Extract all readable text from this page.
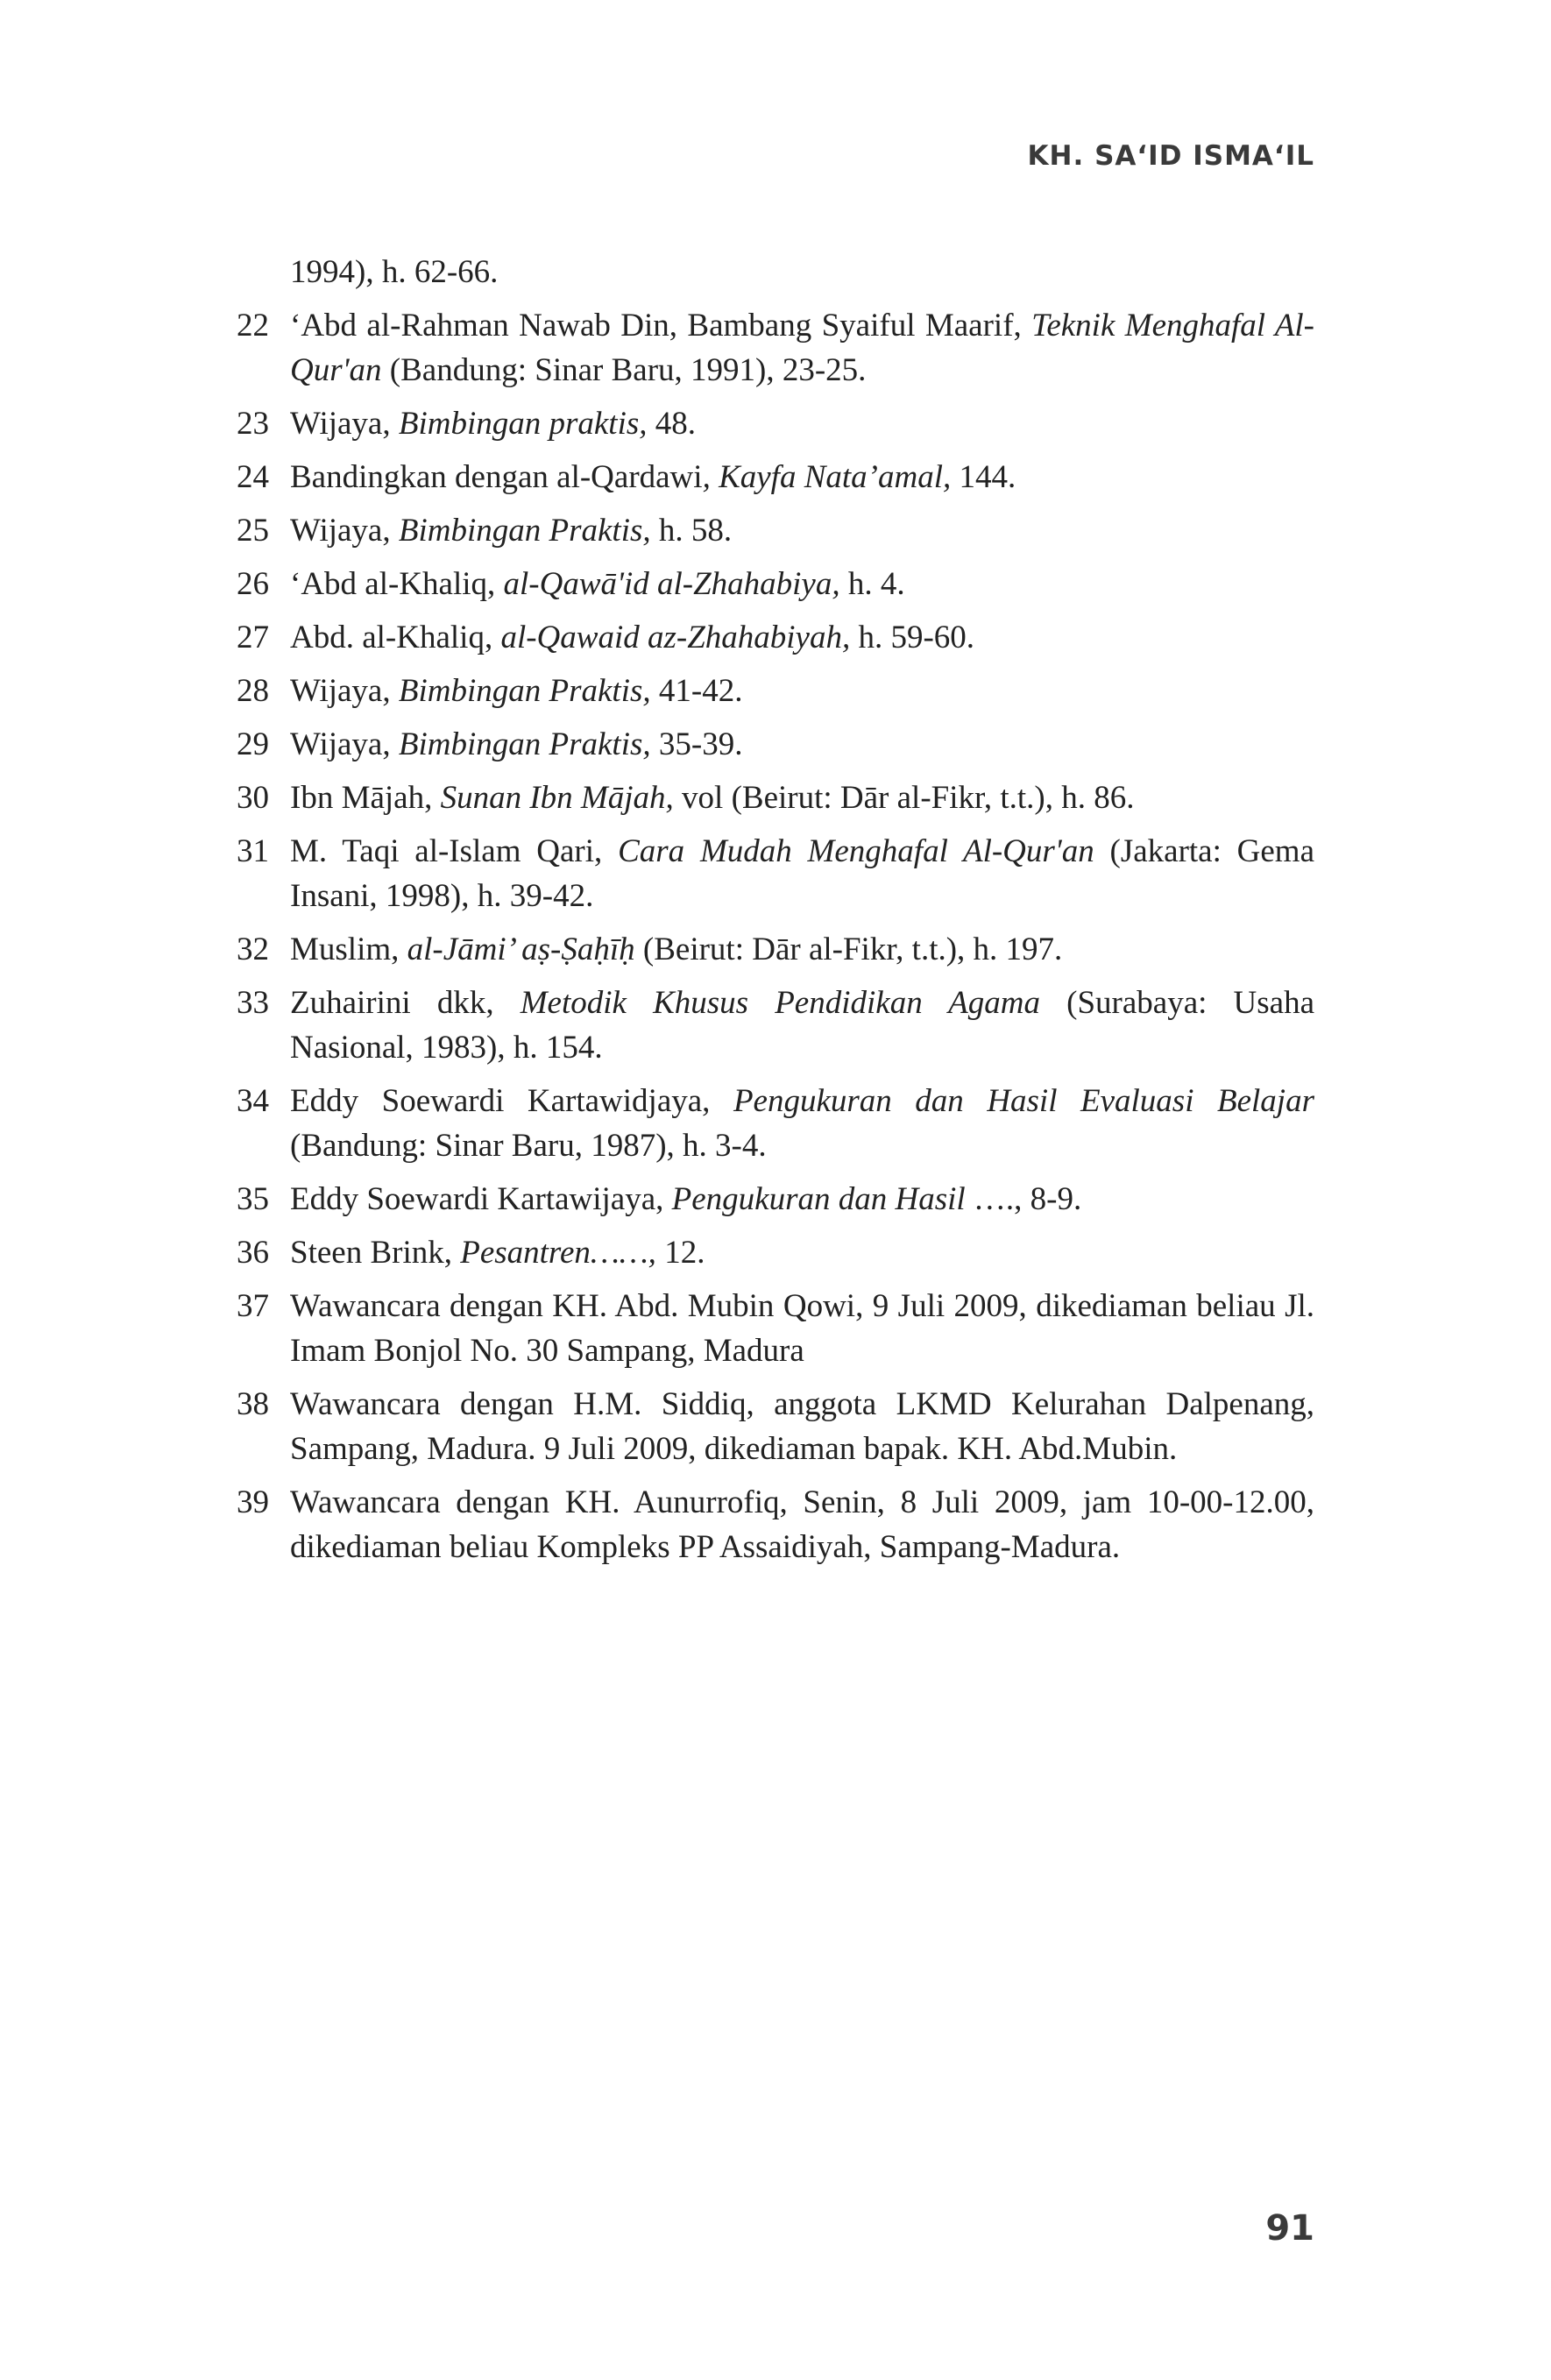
KH. SA‘ID ISMA‘IL
1994), h. 62-66.
22 ‘Abd al-Rahman Nawab Din, Bambang Syaiful Maarif, Teknik Menghafal Al-Qur'an (Bandung: Sinar Baru, 1991), 23-25.
23 Wijaya, Bimbingan praktis, 48.
24 Bandingkan dengan al-Qardawi, Kayfa Nata’amal, 144.
25 Wijaya, Bimbingan Praktis, h. 58.
26 ‘Abd al-Khaliq, al-Qawā'id al-Zhahabiya, h. 4.
27 Abd. al-Khaliq, al-Qawaid az-Zhahabiyah, h. 59-60.
28 Wijaya, Bimbingan Praktis, 41-42.
29 Wijaya, Bimbingan Praktis, 35-39.
30 Ibn Mājah, Sunan Ibn Mājah, vol (Beirut: Dār al-Fikr, t.t.), h. 86.
31 M. Taqi al-Islam Qari, Cara Mudah Menghafal Al-Qur'an (Jakarta: Gema Insani, 1998), h. 39-42.
32 Muslim, al-Jāmi’ aṣ-Ṣaḥīḥ (Beirut: Dār al-Fikr, t.t.), h. 197.
33 Zuhairini dkk, Metodik Khusus Pendidikan Agama (Surabaya: Usaha Nasional, 1983), h. 154.
34 Eddy Soewardi Kartawidjaya, Pengukuran dan Hasil Evaluasi Belajar (Bandung: Sinar Baru, 1987), h. 3-4.
35 Eddy Soewardi Kartawijaya, Pengukuran dan Hasil …., 8-9.
36 Steen Brink, Pesantren……, 12.
37 Wawancara dengan KH. Abd. Mubin Qowi, 9 Juli 2009, dikediaman beliau Jl. Imam Bonjol No. 30 Sampang, Madura
38 Wawancara dengan H.M. Siddiq, anggota LKMD Kelurahan Dalpenang, Sampang, Madura. 9 Juli 2009, dikediaman bapak. KH. Abd.Mubin.
39 Wawancara dengan KH. Aunurrofiq, Senin, 8 Juli 2009, jam 10-00-12.00, dikediaman beliau Kompleks PP Assaidiyah, Sampang-Madura.
91
